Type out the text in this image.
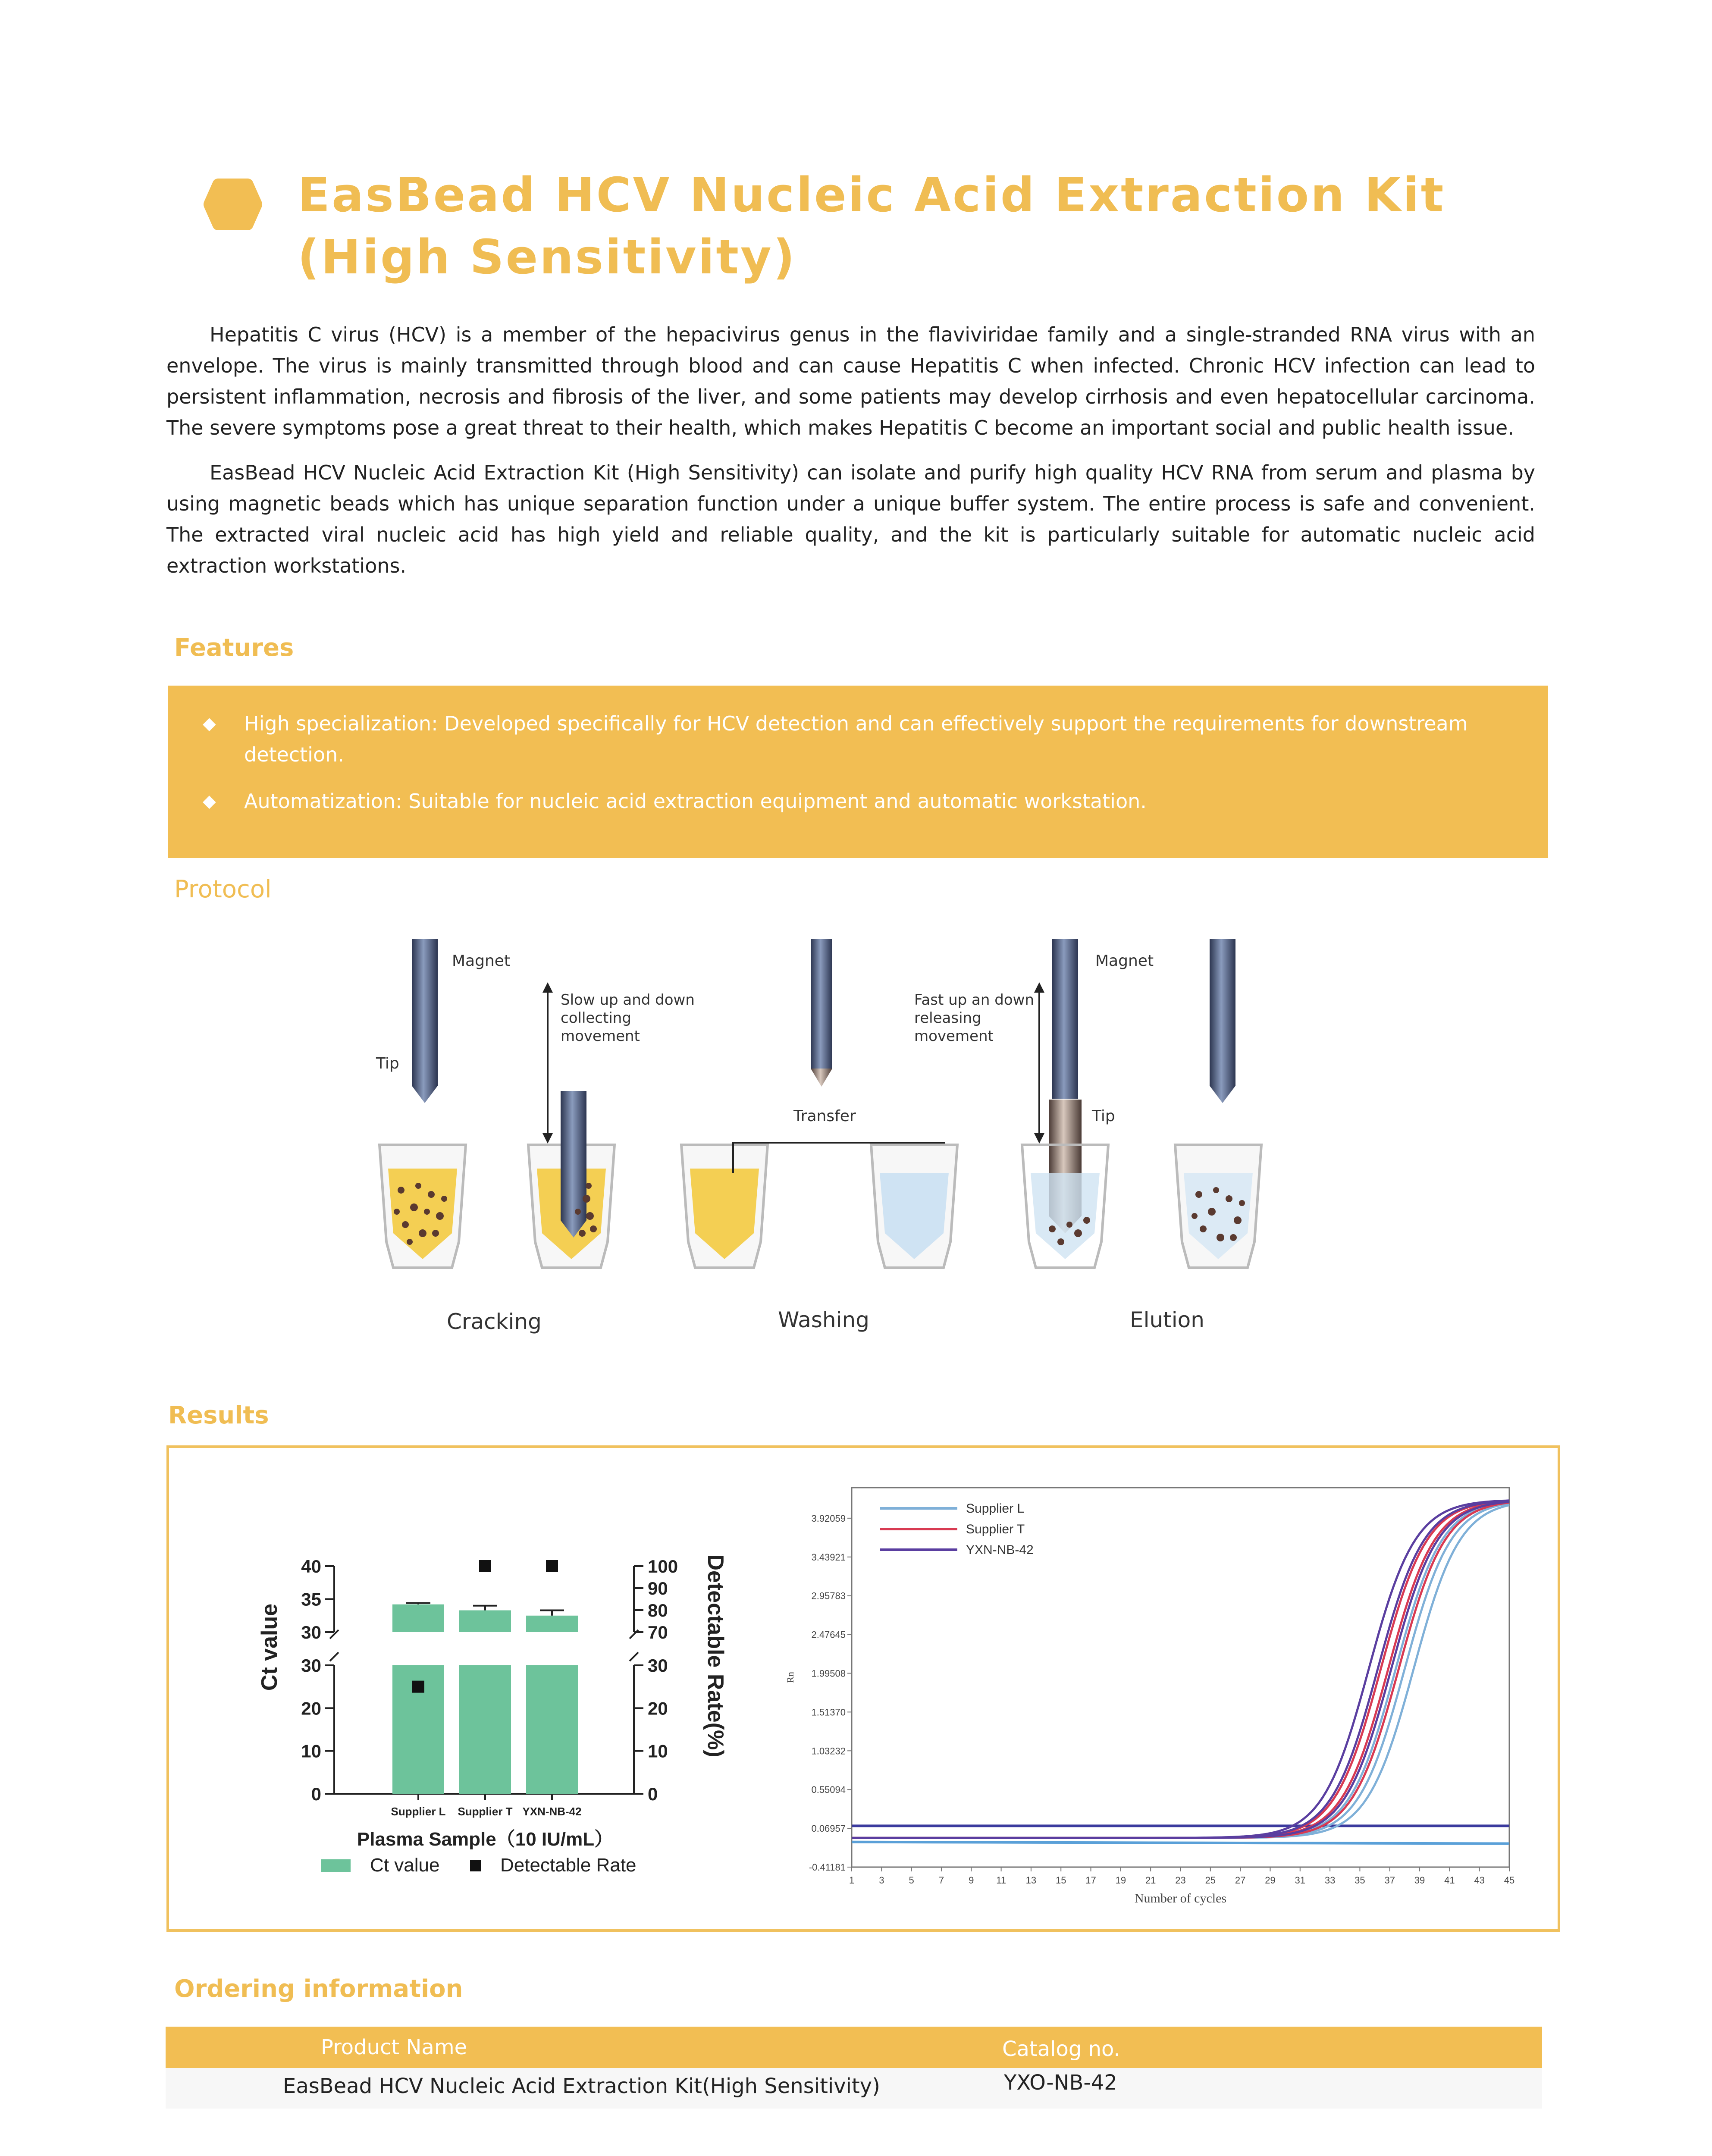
EasBead HCV Nucleic Acid Extraction Kit (High Sensitivity)

Hepatitis C virus (HCV) is a member of the hepacivirus genus in the flaviviridae family and a single-stranded RNA virus with an envelope. The virus is mainly transmitted through blood and can cause Hepatitis C when infected. Chronic HCV infection can lead to persistent inflammation, necrosis and fibrosis of the liver, and some patients may develop cirrhosis and even hepatocellular carcinoma. The severe symptoms pose a great threat to their health, which makes Hepatitis C become an important social and public health issue.

EasBead HCV Nucleic Acid Extraction Kit (High Sensitivity) can isolate and purify high quality HCV RNA from serum and plasma by using magnetic beads which has unique separation function under a unique buffer system. The entire process is safe and convenient. The extracted viral nucleic acid has high yield and reliable quality, and the kit is particularly suitable for automatic nucleic acid extraction workstations.

Features
◆	High specialization: Developed specifically for HCV detection and can effectively support the requirements for downstream detection.
◆	Automatization: Suitable for nucleic acid extraction equipment and automatic workstation.
Protocol
Magnet
Tip
Slow up and down
collecting
movement
Transfer
Fast up an down
releasing
movement
Magnet
Tip
Cracking	Washing	Elution
Results
0
10
20
30
30
35
40
0
10
20
30
70
80
90
100
Supplier L Supplier T YXN-NB-42
Ct value	Detectable Rate(%)
Plasma Sample（10 IU/mL）
Ct value	Detectable Rate
3.92059
3.43921
2.95783
2.47645
1.99508
1.51370
1.03232
0.55094
0.06957
-0.41181
1	3	5	7	9 11 13 15 17 19 21 23 25 27 29 31 33 35 37 39 41 43 45
Rn
Number of cycles
Supplier L
Supplier T
YXN-NB-42
Ordering information
Product Name	Catalog no.
EasBead HCV Nucleic Acid Extraction Kit(High Sensitivity)	YXO-NB-42
